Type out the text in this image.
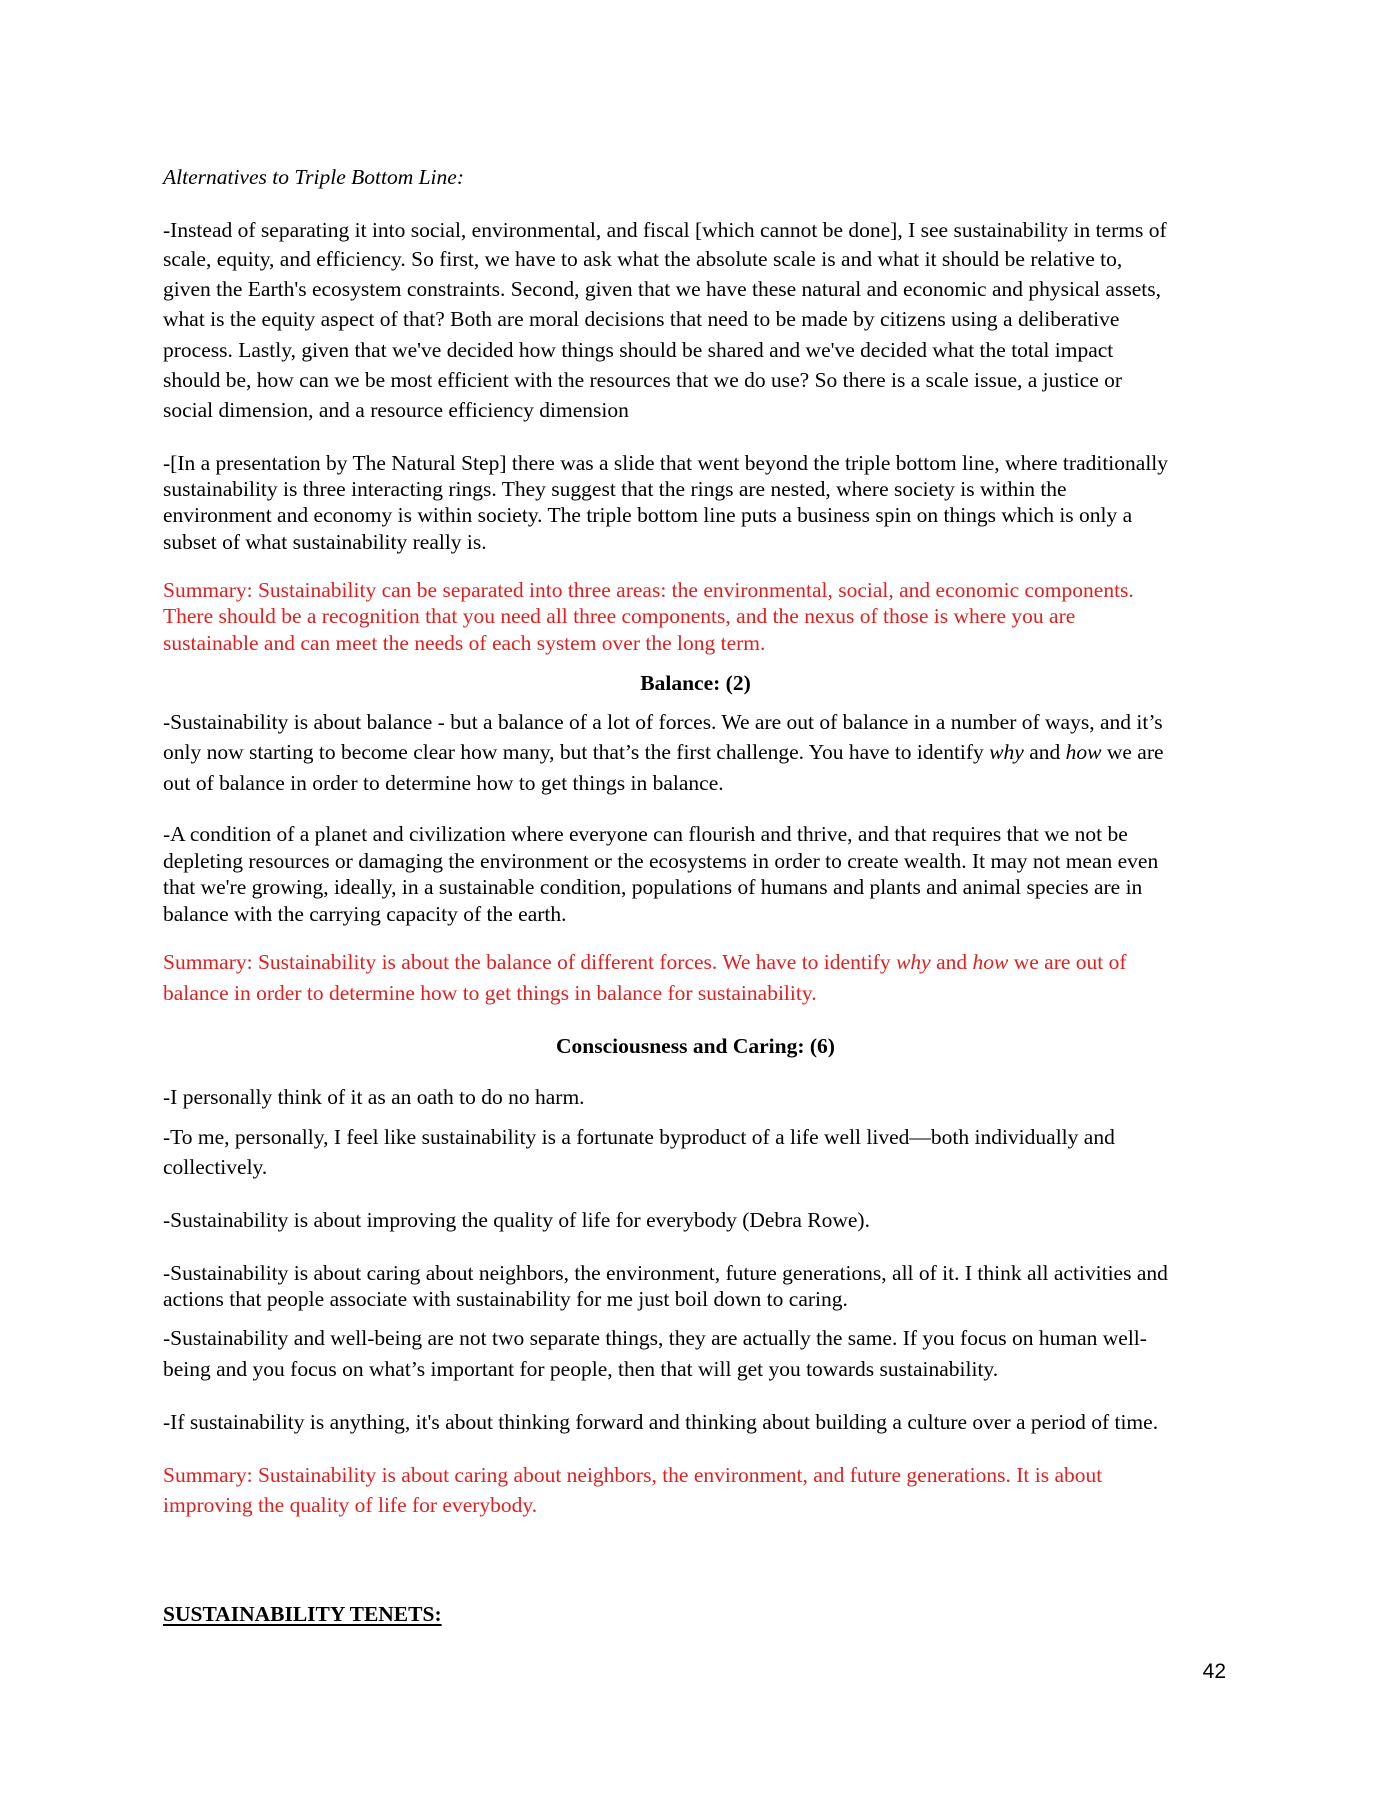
Alternatives to Triple Bottom Line:
-Instead of separating it into social, environmental, and fiscal [which cannot be done], I see sustainability in terms of
scale, equity, and efficiency. So first, we have to ask what the absolute scale is and what it should be relative to,
given the Earth's ecosystem constraints. Second, given that we have these natural and economic and physical assets,
what is the equity aspect of that? Both are moral decisions that need to be made by citizens using a deliberative
process. Lastly, given that we've decided how things should be shared and we've decided what the total impact
should be, how can we be most efficient with the resources that we do use? So there is a scale issue, a justice or
social dimension, and a resource efficiency dimension
-[In a presentation by The Natural Step] there was a slide that went beyond the triple bottom line, where traditionally
sustainability is three interacting rings. They suggest that the rings are nested, where society is within the
environment and economy is within society. The triple bottom line puts a business spin on things which is only a
subset of what sustainability really is.
Summary: Sustainability can be separated into three areas: the environmental, social, and economic components.
There should be a recognition that you need all three components, and the nexus of those is where you are
sustainable and can meet the needs of each system over the long term.
Balance: (2)
-Sustainability is about balance - but a balance of a lot of forces. We are out of balance in a number of ways, and it’s
only now starting to become clear how many, but that’s the first challenge. You have to identify why and how we are
out of balance in order to determine how to get things in balance.
-A condition of a planet and civilization where everyone can flourish and thrive, and that requires that we not be
depleting resources or damaging the environment or the ecosystems in order to create wealth. It may not mean even
that we're growing, ideally, in a sustainable condition, populations of humans and plants and animal species are in
balance with the carrying capacity of the earth.
Summary: Sustainability is about the balance of different forces. We have to identify why and how we are out of
balance in order to determine how to get things in balance for sustainability.
Consciousness and Caring: (6)
-I personally think of it as an oath to do no harm.
-To me, personally, I feel like sustainability is a fortunate byproduct of a life well lived—both individually and
collectively.
-Sustainability is about improving the quality of life for everybody (Debra Rowe).
-Sustainability is about caring about neighbors, the environment, future generations, all of it. I think all activities and
actions that people associate with sustainability for me just boil down to caring.
-Sustainability and well-being are not two separate things, they are actually the same. If you focus on human well-
being and you focus on what’s important for people, then that will get you towards sustainability.
-If sustainability is anything, it's about thinking forward and thinking about building a culture over a period of time.
Summary: Sustainability is about caring about neighbors, the environment, and future generations. It is about
improving the quality of life for everybody.
SUSTAINABILITY TENETS:
42
